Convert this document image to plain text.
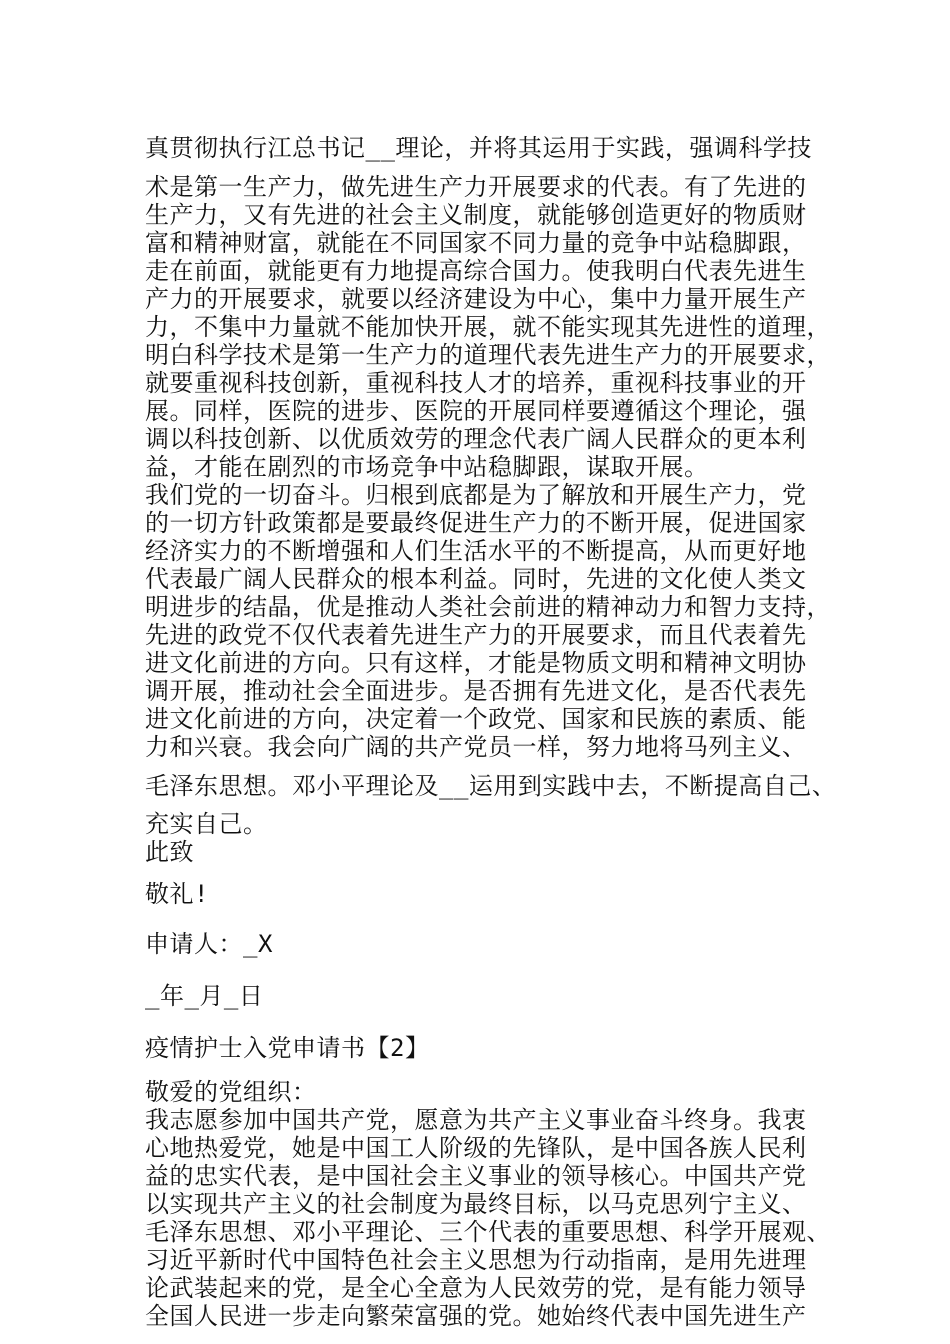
真贯彻执行江总书记__理论，并将其运用于实践，强调科学技
术是第一生产力，做先进生产力开展要求的代表。有了先进的
生产力，又有先进的社会主义制度，就能够创造更好的物质财
富和精神财富，就能在不同国家不同力量的竞争中站稳脚跟，
走在前面，就能更有力地提高综合国力。使我明白代表先进生
产力的开展要求，就要以经济建设为中心，集中力量开展生产
力，不集中力量就不能加快开展，就不能实现其先进性的道理，
明白科学技术是第一生产力的道理代表先进生产力的开展要求，
就要重视科技创新，重视科技人才的培养，重视科技事业的开
展。同样，医院的进步、医院的开展同样要遵循这个理论，强
调以科技创新、以优质效劳的理念代表广阔人民群众的更本利
益，才能在剧烈的市场竞争中站稳脚跟，谋取开展。
我们党的一切奋斗。归根到底都是为了解放和开展生产力，党
的一切方针政策都是要最终促进生产力的不断开展，促进国家
经济实力的不断增强和人们生活水平的不断提高，从而更好地
代表最广阔人民群众的根本利益。同时，先进的文化使人类文
明进步的结晶，优是推动人类社会前进的精神动力和智力支持，
先进的政党不仅代表着先进生产力的开展要求，而且代表着先
进文化前进的方向。只有这样，才能是物质文明和精神文明协
调开展，推动社会全面进步。是否拥有先进文化，是否代表先
进文化前进的方向，决定着一个政党、国家和民族的素质、能
力和兴衰。我会向广阔的共产党员一样，努力地将马列主义、
毛泽东思想。邓小平理论及__运用到实践中去，不断提高自己、
充实自己。
此致
敬礼!
申请人：_X
_年_月_日
疫情护士入党申请书【2】
敬爱的党组织：
我志愿参加中国共产党，愿意为共产主义事业奋斗终身。我衷
心地热爱党，她是中国工人阶级的先锋队，是中国各族人民利
益的忠实代表，是中国社会主义事业的领导核心。中国共产党
以实现共产主义的社会制度为最终目标，以马克思列宁主义、
毛泽东思想、邓小平理论、三个代表的重要思想、科学开展观、
习近平新时代中国特色社会主义思想为行动指南，是用先进理
论武装起来的党，是全心全意为人民效劳的党，是有能力领导
全国人民进一步走向繁荣富强的党。她始终代表中国先进生产
